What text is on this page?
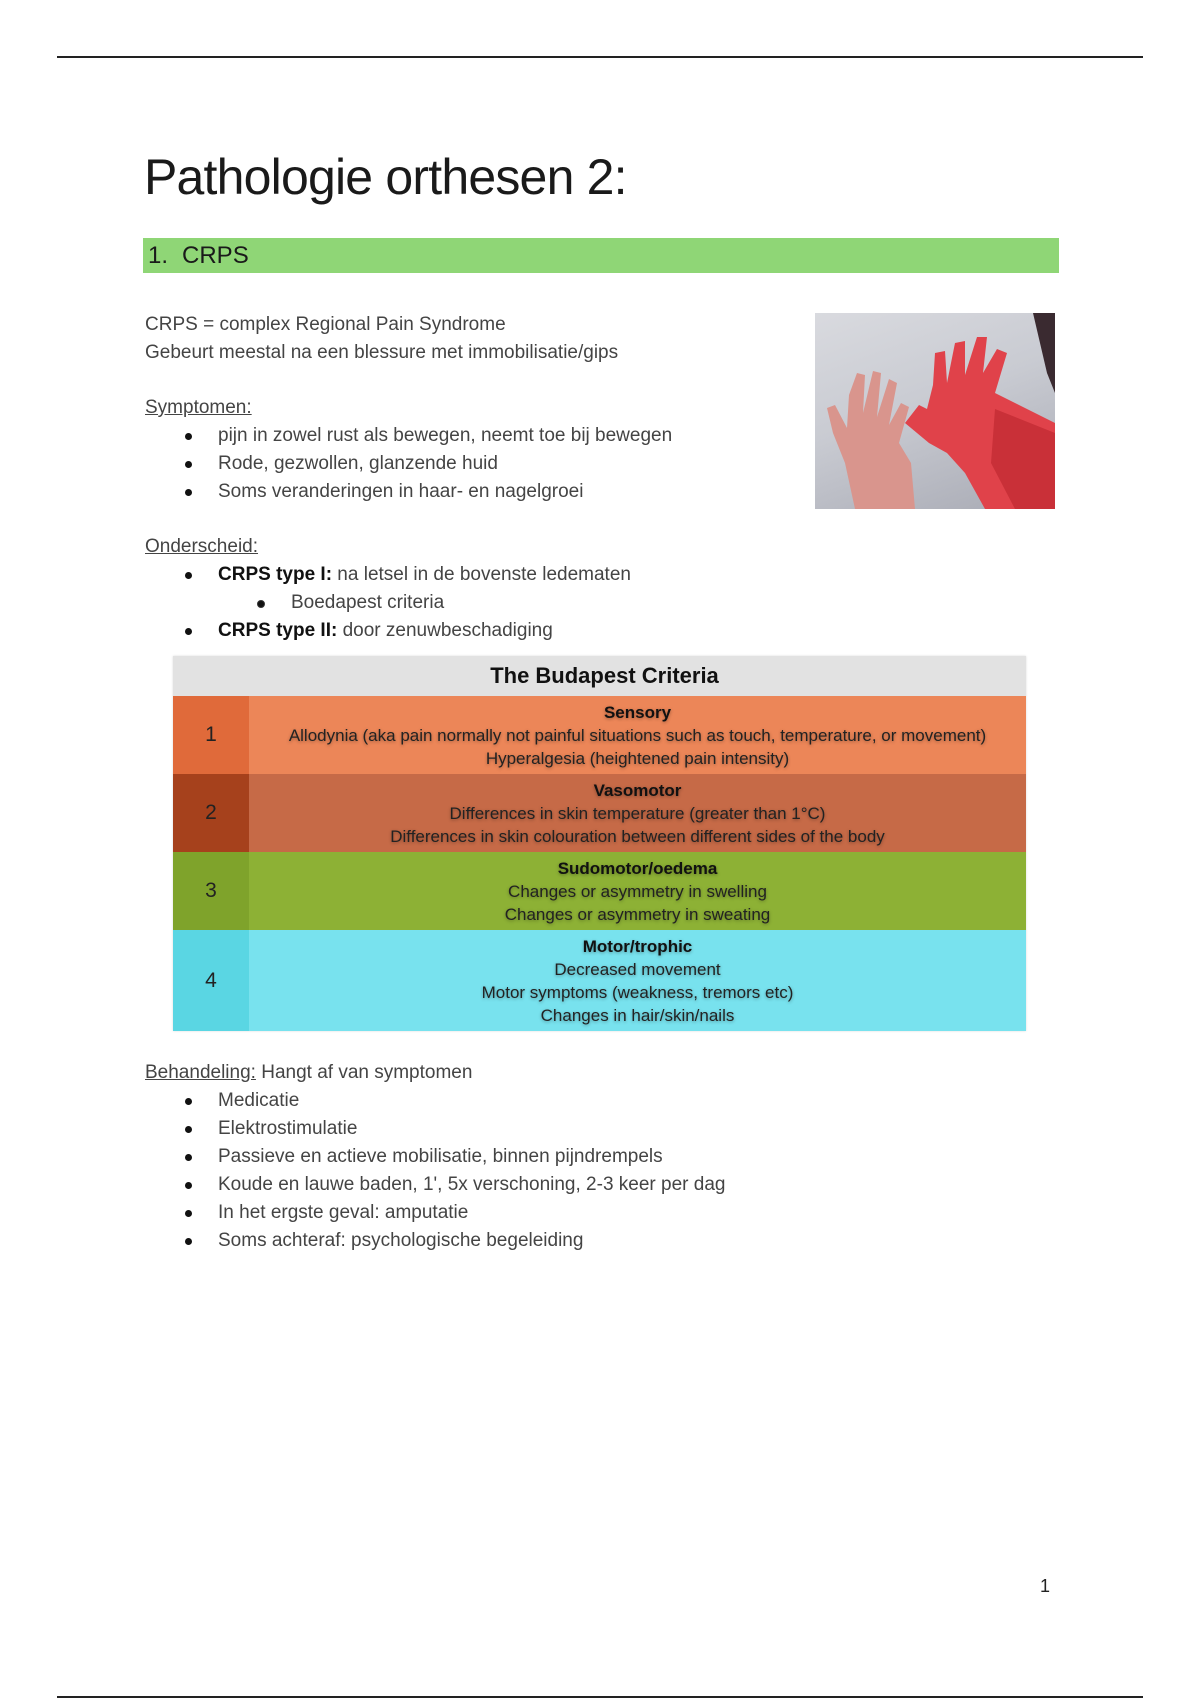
Pathologie orthesen 2:
1. CRPS
CRPS = complex Regional Pain Syndrome
Gebeurt meestal na een blessure met immobilisatie/gips
Symptomen:
pijn in zowel rust als bewegen, neemt toe bij bewegen
Rode, gezwollen, glanzende huid
Soms veranderingen in haar- en nagelgroei
Onderscheid:
CRPS type I: na letsel in de bovenste ledematen
Boedapest criteria
CRPS type II: door zenuwbeschadiging
The Budapest Criteria
1
Sensory
Allodynia (aka pain normally not painful situations such as touch, temperature, or movement)
Hyperalgesia (heightened pain intensity)
2
Vasomotor
Differences in skin temperature (greater than 1°C)
Differences in skin colouration between different sides of the body
3
Sudomotor/oedema
Changes or asymmetry in swelling
Changes or asymmetry in sweating
4
Motor/trophic
Decreased movement
Motor symptoms (weakness, tremors etc)
Changes in hair/skin/nails
Behandeling: Hangt af van symptomen
Medicatie
Elektrostimulatie
Passieve en actieve mobilisatie, binnen pijndrempels
Koude en lauwe baden, 1', 5x verschoning, 2-3 keer per dag
In het ergste geval: amputatie
Soms achteraf: psychologische begeleiding
1
